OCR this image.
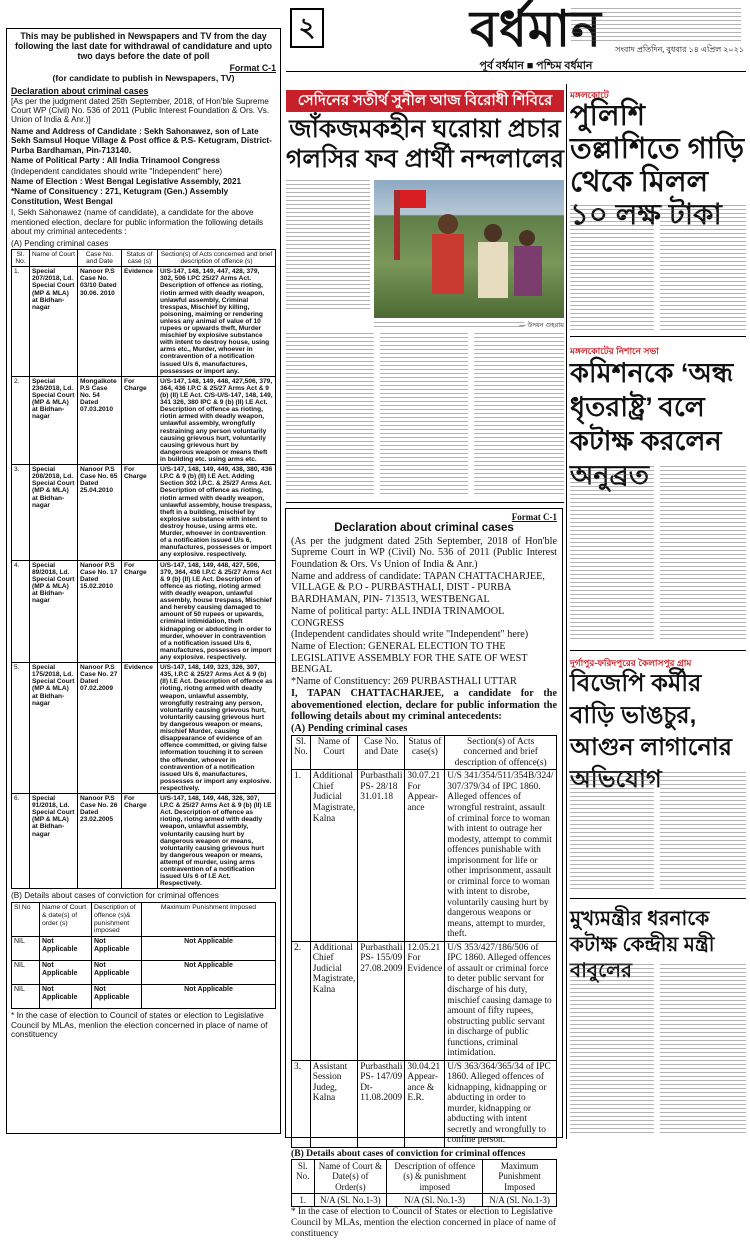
This may be published in Newspapers and TV from the day following the last date for withdrawal of candidature and upto two days before the date of poll

Format C-1

(for candidate to publish in Newspapers, TV)

Declaration about criminal cases

[As per the judgment dated 25th September, 2018, of Hon'ble Supreme Court WP (Civil) No. 536 of 2011 (Public Interest Foundation & Ors. Vs. Union of India & Anr.)]

Name and Address of Candidate : Sekh Sahonawez, son of Late Sekh Samsul Hoque Village & Post office & P.S- Ketugram, District-Purba Bardhaman, Pin-713140.

Name of Political Party : All India Trinamool Congress

(Independent candidates should write "Independent" here)

Name of Election : West Bengal Legislative Assembly, 2021

*Name of Consituency : 271, Ketugram (Gen.) Assembly Constitution, West Bengal

I, Sekh Sahonawez (name of candidate), a candidate for the above mentioned election, declare for public information the following details about my criminal antecedents :

(A) Pending criminal cases

Sl. No.	Name of Court	Case No. and Date	Status of case (s)	Section(s) of Acts concerned and brief description of offence (s)
1.	Special 207/2018, Ld. Special Court (MP & MLA) at Bidhan-nagar	Nanoor P.S Case No. 03/10 Dated 30.06. 2010	Evidence	U/S-147, 148, 149, 447, 428, 379, 302, 506 I.PC 25/27 Arms Act. Description of offence as rioting, riotin armed with deadly weapon, unlawful assembly, Criminal tresspas, Mischief by killing, poisoning, maiming or rendering unless any animal of value of 10 rupees or upwards theft, Murder mischief by explosive substance with intent to destroy house, using arms etc., Murder, whoever in contravention of a notification issued U/s 6, manufactures, possesses or import any.
2.	Special 236/2018, Ld. Special Court (MP & MLA) at Bidhan-nagar	Mongalkote P.S Case No. 54 Dated 07.03.2010	For Charge	U/S-147, 148, 149, 448, 427,506, 379, 364, 436 I.P.C & 25/27 Arms Act & 9 (b) (II) I.E Act. C/S-U/S-147, 148, 149, 341 326, 380 IPC & 9 (b) (II) I.E Act. Description of offence as rioting, riotin armed with deadly weapon, unlawful assembly, wrongfully restraining any person voluntarily causing grievous hurt, voluntarily causing grievous hurt by dangerous weapon or means theft in building etc. using arms etc.
3.	Special 208/2018, Ld. Special Court (MP & MLA) at Bidhan-nagar	Nanoor P.S Case No. 65 Dated 25.04.2010	For Charge	U/S-147, 148, 149, 449, 438, 380, 436 I.P.C & 9 (b) (II) I.E Act. Adding Section 302 I.P.C. & 25/27 Arms Act. Description of offence as rioting, riotin armed with deadly weapon, unlawful assembly, house trespass, theft in a building, mischief by explosive substance with intent to destroy house, using arms etc. Murder, whoever in contravention of a notification issued U/s 6, manufactures, possesses or import any explosive. respectively.
4.	Special 89/2018, Ld. Special Court (MP & MLA) at Bidhan-nagar	Nanoor P.S Case No. 17 Dated 15.02.2010	For Charge	U/S-147, 148, 149, 448, 427, 506, 379, 364, 436 I.P.C & 25/27 Arms Act & 9 (b) (II) I.E Act. Description of offence as rioting, rioting armed with deadly weapon, unlawful assembly, house trespass, Mischief and hereby causing damaged to amount of 50 rupees or upwards, criminal intimidation, theft kidnapping or abducting in order to murder, whoever in contravention of a notification issued U/s 6, manufactures, possesses or import any explosive. respectively.
5.	Special 175/2018, Ld. Special Court (MP & MLA) at Bidhan-nagar	Nanoor P.S Case No. 27 Dated 07.02.2009	Evidence	U/S-147, 148, 149, 323, 326, 307, 435, I.P.C & 25/27 Arms Act & 9 (b) (II) I.E Act. Description of offence as rioting, riotng armed with deadly weapon, unlawful assembly, wrongfully restraing any person, voluntarily causing grievous hurt, voluntarily causing grievous hurt by dangerous weapon or means, mischief Murder, causing disappearance of evidence of an offence committed, or giving false information touching it to screen the offender, whoever in contravention of a notification issued U/s 6, manufactures, possesses or import any explosive. respectively.
6.	Special 91/2018, Ld. Special Court (MP & MLA) at Bidhan-nagar	Nanoor P.S Case No. 26 Dated 23.02.2005	For Charge	U/S-147, 148, 149, 448, 326, 307, I.P.C & 25/27 Arms Act & 9 (b) (II) I.E Act. Description of offence as rioting, riotng armed with deadly weapon, unlawful assembly, voluntarily causing hurt by dangerous weapon or means, voluntarily causing grievous hurt by dangerous weapon or means, attempt of murder, using arms contravention of a notification issued U/s 6 of I.E Act. Respectively.

(B) Details about cases of conviction for criminal offences

Sl No	Name of Court & date(s) of order (s)	Description of offence (s)& punishment imposed	Maximum Punishment Imposed
NIL	Not Applicable	Not Applicable	Not Applicable
NIL	Not Applicable	Not Applicable	Not Applicable
NIL	Not Applicable	Not Applicable	Not Applicable

* In the case of election to Council of states or election to Legislative Council by MLAs, menlion the election concerned in place of name of constituency

২	বর্ধমান	সংবাদ প্রতিদিন, বুধবার ১৪ এপ্রিল ২০২১
পূর্ব বর্ধমান ■ পশ্চিম বর্ধমান
সেদিনের সতীর্থ সুনীল আজ বিরোধী শিবিরে
জাঁকজমকহীন ঘরোয়া প্রচার গলসির ফব প্রার্থী নন্দলালের
— উদয়ন গুহরায়
Format C-1
Declaration about criminal cases
(As per the judgment dated 25th September, 2018 of Hon'ble Supreme Court in WP (Civil) No. 536 of 2011 (Public Interest Foundation & Ors. Vs Union of India & Anr.)
Name and address of candidate: TAPAN CHATTACHARJEE, VILLAGE & P.O - PURBASTHALI, DIST - PURBA BARDHAMAN, PIN- 713513, WESTBENGAL
Name of political party: ALL INDIA TRINAMOOL CONGRESS
(Independent candidates should write "Independent" here)
Name of Election: GENERAL ELECTION TO THE LEGISLATIVE ASSEMBLY FOR THE SATE OF WEST BENGAL
*Name of Constituency: 269 PURBASTHALI UTTAR
I, TAPAN CHATTACHARJEE, a candidate for the abovementioned election, declare for public information the following details about my criminal antecedents:
(A) Pending criminal cases
Sl. No.	Name of Court	Case No. and Date	Status of case(s)	Section(s) of Acts concerned and brief description of offence(s)
1.	Additional Chief Judicial Magistrate, Kalna	Purbasthali PS- 28/18 31.01.18	30.07.21 For Appear-ance	U/S 341/354/511/354B/324/ 307/379/34 of IPC 1860. Alleged offences of wrongful restraint, assault of criminal force to woman with intent to outrage her modesty, attempt to commit offences punishable with imprisonment for life or other imprisonment, assault or criminal force to woman with intent to disrobe, voluntarily causing hurt by dangerous weapons or means, attempt to murder, theft.
2.	Additional Chief Judicial Magistrate, Kalna	Purbasthali PS- 155/09 27.08.2009	12.05.21 For Evidence	U/S 353/427/186/506 of IPC 1860. Alleged offences of assault or criminal force to deter public servant for discharge of his duty, mischief causing damage to amount of fifty rupees, obstructing public servant in discharge of public functions, criminal intimidation.
3.	Assistant Session Judeg, Kalna	Purbasthali PS- 147/09 Dt- 11.08.2009	30.04.21 Appear-ance & E.R.	U/S 363/364/365/34 of IPC 1860. Alleged offences of kidnapping, kidnapping or abducting in order to murder, kidnapping or abducting with intent secretly and wrongfully to confine person.
(B) Details about cases of conviction for criminal offences
Sl. No.	Name of Court & Date(s) of Order(s)	Description of offence (s) & punishment imposed	Maximum Punishment Imposed
1.	N/A (Sl. No.1-3)	N/A (Sl. No.1-3)	N/A (Sl. No.1-3)
* In the case of election to Council of States or election to Legislative Council by MLAs, mention the election concerned in place of name of constituency
মঙ্গলকোটে
পুলিশি তল্লাশিতে গাড়ি থেকে মিলল ১০ লক্ষ টাকা
মঙ্গলকোটের নিশানে সভা
কমিশনকে ‘অন্ধ ধৃতরাষ্ট্র’ বলে কটাক্ষ করলেন অনুব্রত
দুর্গাপুর-ফরিদপুরের কৈলাসপুর গ্রাম
বিজেপি কর্মীর বাড়ি ভাঙচুর, আগুন লাগানোর অভিযোগ
মুখ্যমন্ত্রীর ধরনাকে কটাক্ষ কেন্দ্রীয় মন্ত্রী বাবুলের
